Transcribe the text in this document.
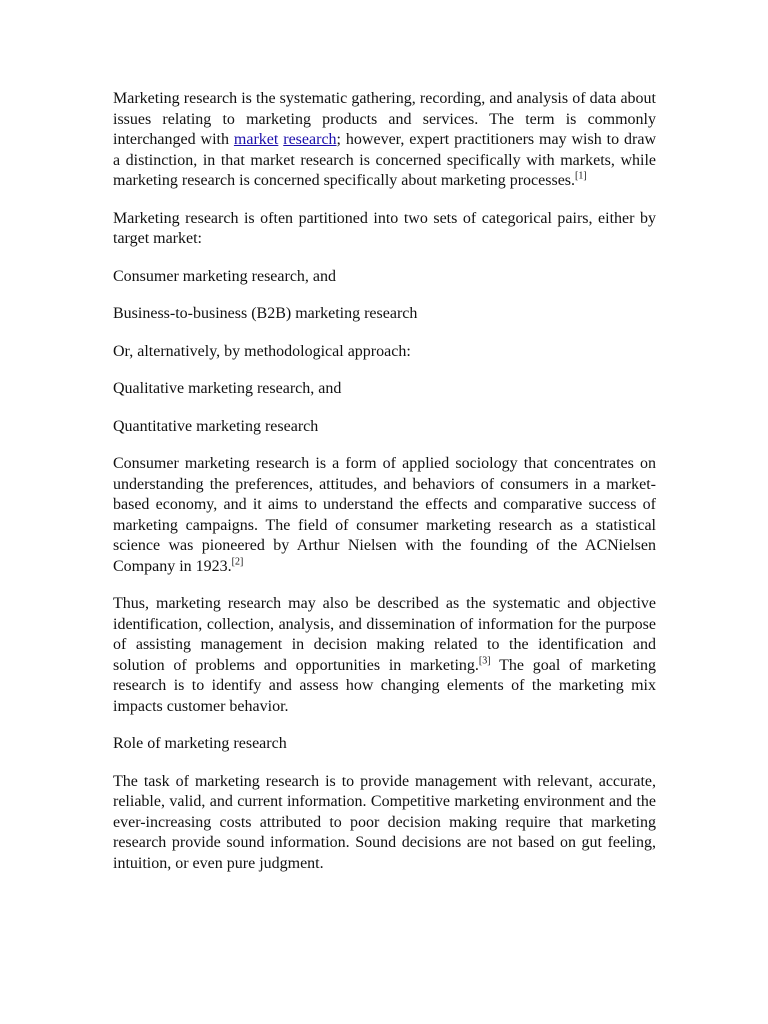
Marketing research is the systematic gathering, recording, and analysis of data about issues relating to marketing products and services. The term is commonly interchanged with market research; however, expert practitioners may wish to draw a distinction, in that market research is concerned specifically with markets, while marketing research is concerned specifically about marketing processes.[1]

Marketing research is often partitioned into two sets of categorical pairs, either by target market:

Consumer marketing research, and

Business-to-business (B2B) marketing research

Or, alternatively, by methodological approach:

Qualitative marketing research, and

Quantitative marketing research

Consumer marketing research is a form of applied sociology that concentrates on understanding the preferences, attitudes, and behaviors of consumers in a market-based economy, and it aims to understand the effects and comparative success of marketing campaigns. The field of consumer marketing research as a statistical science was pioneered by Arthur Nielsen with the founding of the ACNielsen Company in 1923.[2]

Thus, marketing research may also be described as the systematic and objective identification, collection, analysis, and dissemination of information for the purpose of assisting management in decision making related to the identification and solution of problems and opportunities in marketing.[3] The goal of marketing research is to identify and assess how changing elements of the marketing mix impacts customer behavior.

Role of marketing research

The task of marketing research is to provide management with relevant, accurate, reliable, valid, and current information. Competitive marketing environment and the ever-increasing costs attributed to poor decision making require that marketing research provide sound information. Sound decisions are not based on gut feeling, intuition, or even pure judgment.
